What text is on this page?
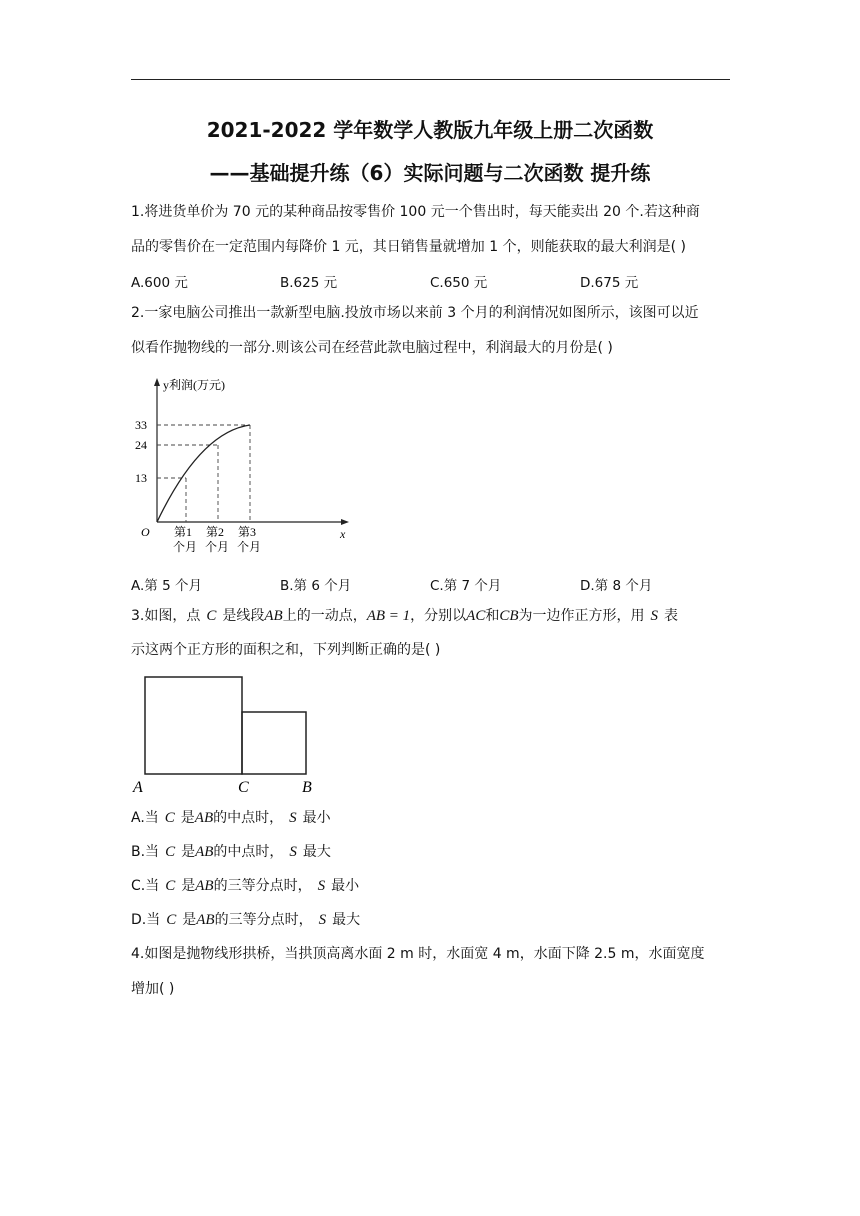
2021-2022 学年数学人教版九年级上册二次函数
——基础提升练（6）实际问题与二次函数 提升练
1.将进货单价为 70 元的某种商品按零售价 100 元一个售出时，每天能卖出 20 个.若这种商
品的零售价在一定范围内每降价 1 元，其日销售量就增加 1 个，则能获取的最大利润是( )
A.600 元	B.625 元	C.650 元	D.675 元
2.一家电脑公司推出一款新型电脑.投放市场以来前 3 个月的利润情况如图所示，该图可以近
似看作抛物线的一部分.则该公司在经营此款电脑过程中，利润最大的月份是( )
y利润(万元)
x
O
33
24
13
第1 第2 第3
个月 个月 个月
A.第 5 个月	B.第 6 个月	C.第 7 个月	D.第 8 个月
3.如图，点 C 是线段AB上的一动点，AB = 1，分别以AC和CB为一边作正方形，用 S 表
示这两个正方形的面积之和，下列判断正确的是( )
A	C	B
A.当 C 是AB的中点时， S 最小
B.当 C 是AB的中点时， S 最大
C.当 C 是AB的三等分点时， S 最小
D.当 C 是AB的三等分点时， S 最大
4.如图是抛物线形拱桥，当拱顶高离水面 2 m 时，水面宽 4 m，水面下降 2.5 m，水面宽度
增加( )
